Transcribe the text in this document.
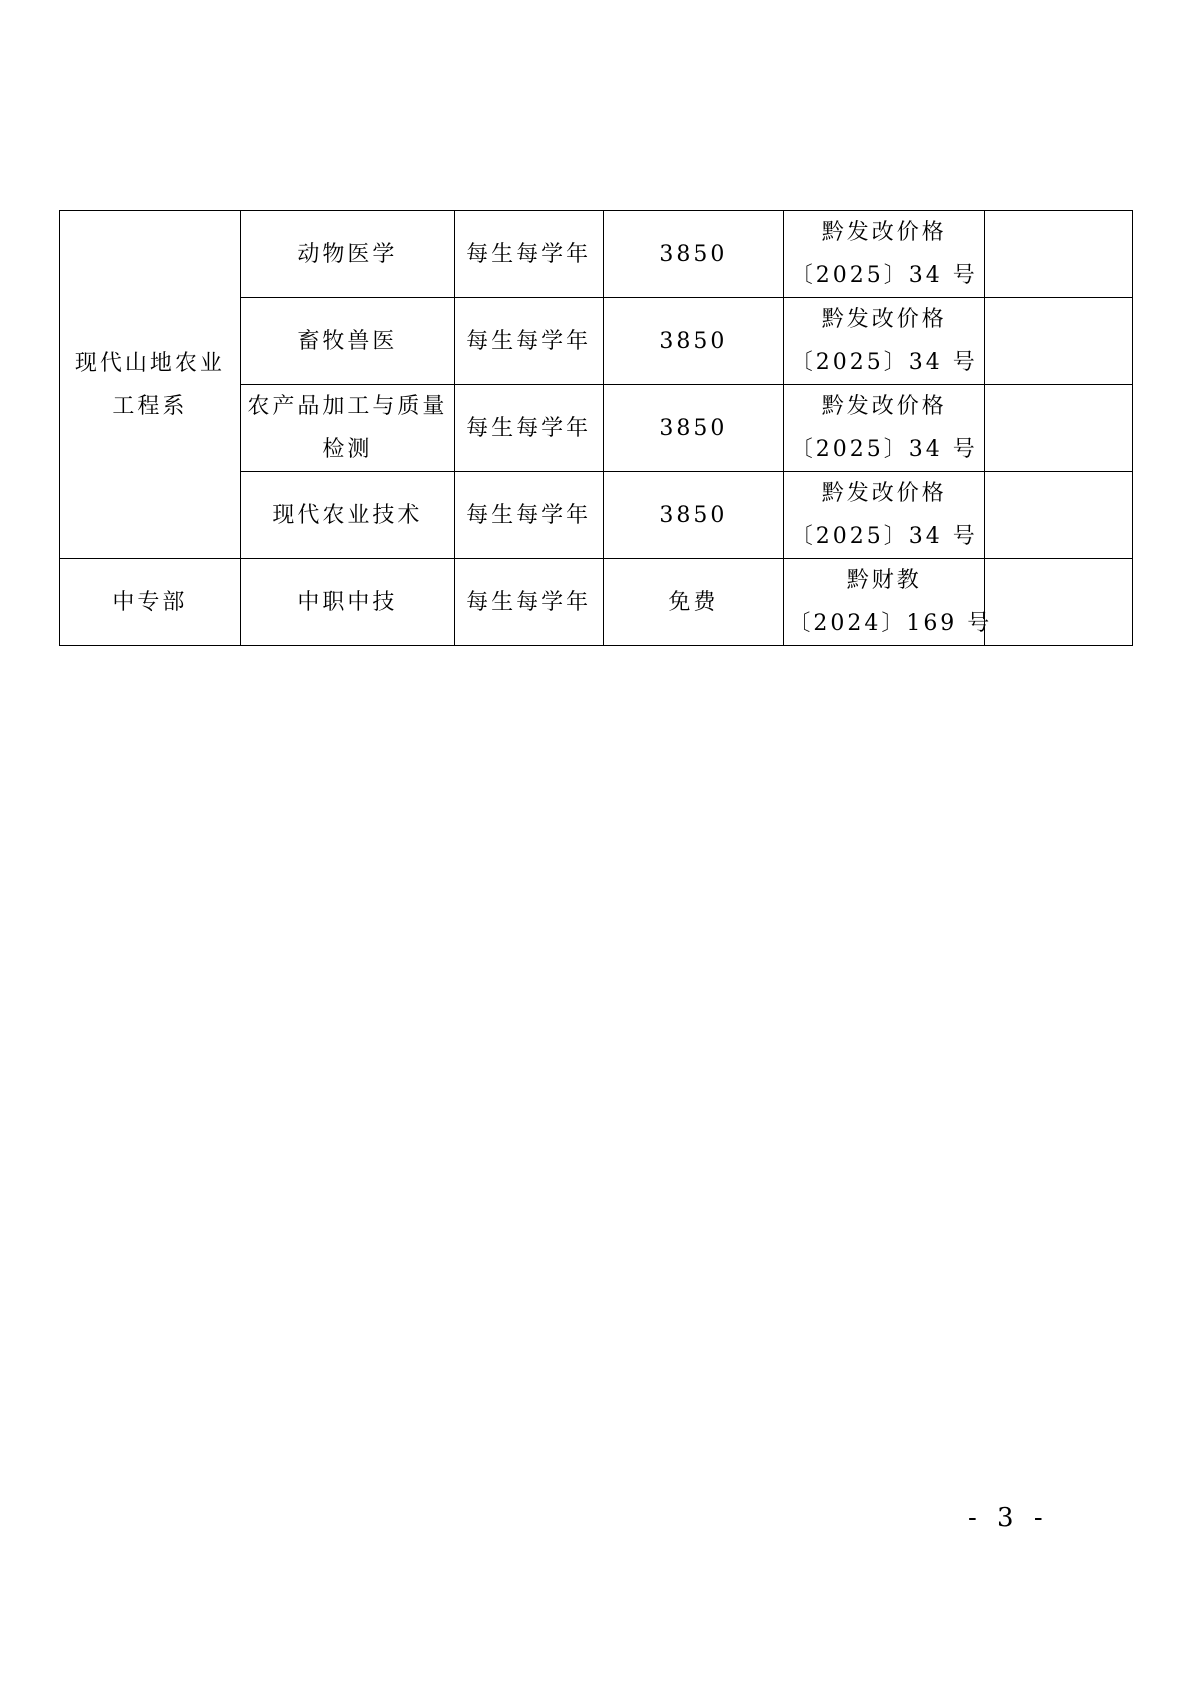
现代山地农业工程系	动物医学	每生每学年	3850	黔发改价格
〔2025〕34 号	

	畜牧兽医	每生每学年	3850	黔发改价格
〔2025〕34 号	

	农产品加工与质量检测	每生每学年	3850	黔发改价格
〔2025〕34 号	

	现代农业技术	每生每学年	3850	黔发改价格
〔2025〕34 号	

中专部	中职中技	每生每学年	免费	黔财教
〔2024〕169 号	

- 3 -
